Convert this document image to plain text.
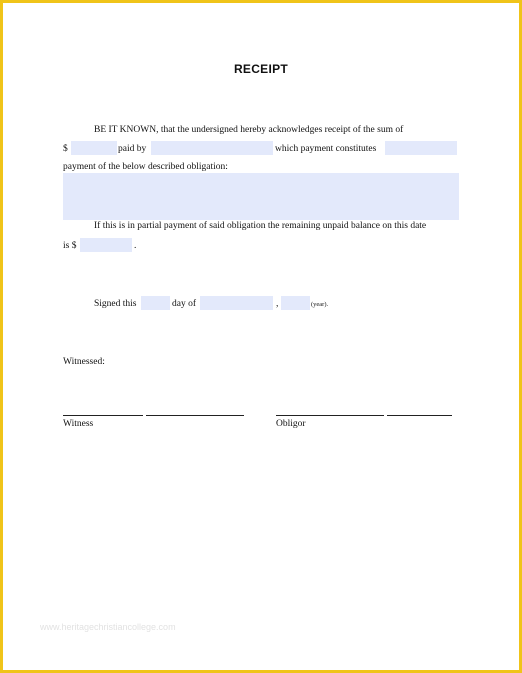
RECEIPT
BE IT KNOWN, that the undersigned hereby acknowledges receipt of the sum of
$	paid by	which payment constitutes
payment of the below described obligation:
If this is in partial payment of said obligation the remaining unpaid balance on this date
is $	.
Signed this	day of	,	(year).
Witnessed:
Witness	Obligor
www.heritagechristiancollege.com
